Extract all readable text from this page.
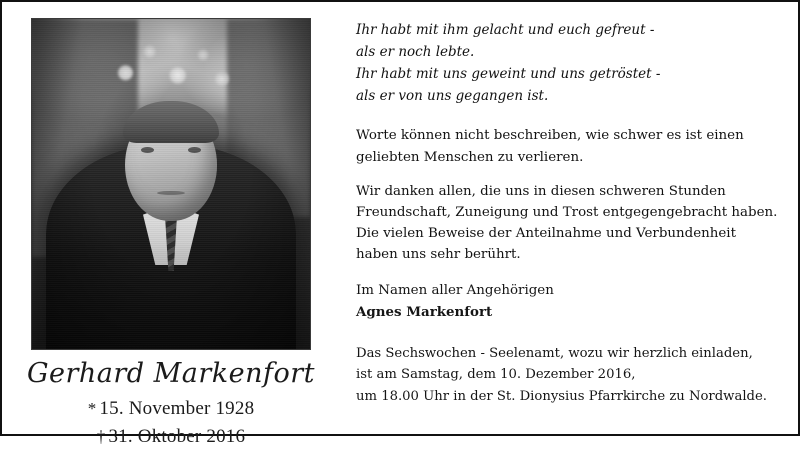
Gerhard Markenfort
* 15. November 1928
† 31. Oktober 2016
Ihr habt mit ihm gelacht und euch gefreut -
als er noch lebte.
Ihr habt mit uns geweint und uns getröstet -
als er von uns gegangen ist.
Worte können nicht beschreiben, wie schwer es ist einen geliebten Menschen zu verlieren.
Wir danken allen, die uns in diesen schweren Stunden Freundschaft, Zuneigung und Trost entgegengebracht haben. Die vielen Beweise der Anteilnahme und Verbundenheit haben uns sehr berührt.
Im Namen aller Angehörigen
Agnes Markenfort
Das Sechswochen - Seelenamt, wozu wir herzlich einladen,
ist am Samstag, dem 10. Dezember 2016,
um 18.00 Uhr in der St. Dionysius Pfarrkirche zu Nordwalde.
